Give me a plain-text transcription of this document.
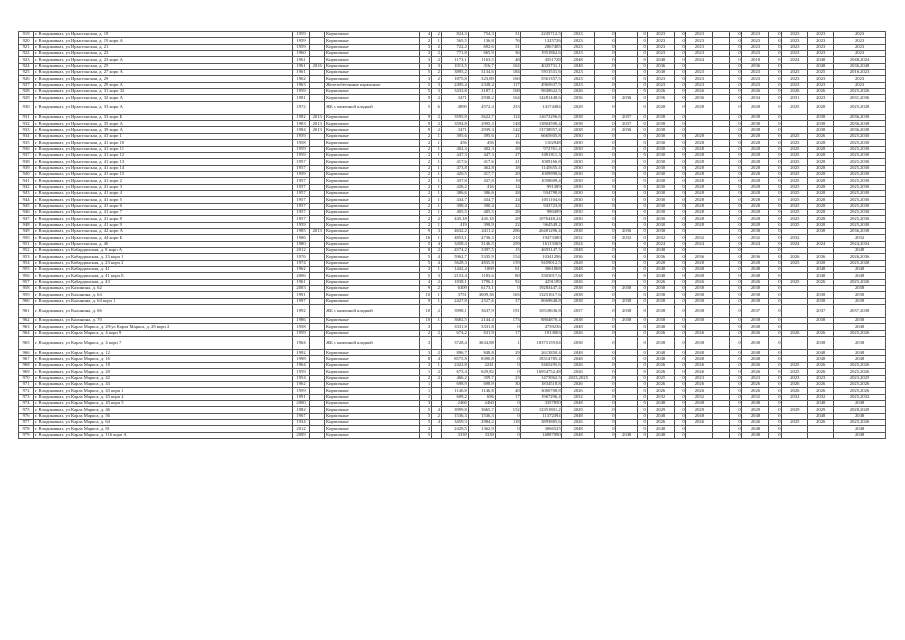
919	г. Владикавказ, ул Ирыстонская, д. 19	1959		Кирпичные	4	2	824,3	754,3	31	2235712,5	2023	0		0	2023	0	2023		0	2023	0	2023	2023	2023
920	г. Владикавказ, ул Ирыстонская, д. 19 корп А	1959		Кирпичные	2	1	565,5	136,8	76	1325726	2023	0		0	2023	0	2023		0	2023	0	2023	2023	2023
921	г. Владикавказ, ул Ирыстонская, д. 21	1959		Кирпичные	3	2	722,2	692,6	31	2067485	2023	0		0	2023	0	2023		0	2023	0	2023	2023	2023
922	г. Владикавказ, ул Ирыстонская, д. 23	1960		Кирпичные	3	2	771,8	665,9	36	1951862,6	2023	0		0	2023	0	2023		0	2023	0	2023	2023	2023
923	г. Владикавказ, ул Ирыстонская, д. 23 корп А	1961		Кирпичные	3	2	1173,1	1163,5	48	4551728	2048	0		0	2048	0	2024		0	2018	0	2024	2048	2048,2024
924	г. Владикавказ, ул Ирыстонская, д. 25	1961	2016	Кирпичные	3	3	1013,5	316,7	162	4025731,1	2048	0		0	2036	0			0	2036	0		2048	2036,2048
925	г. Владикавказ, ул Ирыстонская, д. 27 корп А	1961		Кирпичные	5	2	3895,2	3134,6	184	5911531,6	2023	0		0	2040	0	2023		0	2023	0	2023	2025	2016,2023
926	г. Владикавказ, ул Ирыстонская, д. 29	1962		Кирпичные	3	2	1875,8	323,89	160	5561357,5	2023	0		0	2023	0	2023		0	2023	0	2023	2023	2023
927	г. Владикавказ, ул Ирыстонская, д. 29 корп А	1963		Железобетонные каркасные	5	3	2495,4	2338,4	117	4965637,5	2023	0		0	2023	0	2023		0	2023	0	2023	2023	2023
928	г. Владикавказ, ул Ирыстонская, д. 31 корп 32	1959		Кирпичные	5	3	3433,8	3187,1	168	9849622,5	2026	0		0	2026	0	2026		0	2026	0	2026	2026	2025,2026
929	г. Владикавказ, ул Ирыстонская, д. 32 корп А	1981		Кирпичные	9	2	3471	2938,2	164	14281448,6	2036	0	2036	0	2036	0	2036		0	2034	0	2031	2023	2031,2036
930	г. Владикавказ, ул Ирыстонская, д. 33 корп А	1972		ЖБ с каменной кладкой	5	6	4890	4572,4	253	14174484	2028	0		0	2028	0	2028		0	2028	0	2025	2028	2025,2028
931	г. Владикавказ, ул Ирыстонская, д. 33 корп Б	1982	2013	Кирпичные	9	2	3595,8	3622,7	114	12673296,6	2038	0	2037	0	2038	0			0	2038	0		2038	2036,2038
932	г. Владикавказ, ул Ирыстонская, д. 35 корп А	1983	2013	Кирпичные	9	2	3594,8	2995,3	148	13804590,4	2038	0	2037	0	2038	0			0	2038	0		2038	2036,2038
933	г. Владикавказ, ул Ирыстонская, д. 39 корп А	1984	2013	Кирпичные	9	2	3471	2939,3	142	13738957,4	2038	0	2036	0	2038	0			0	2038	0		2038	2036,2038
934	г. Владикавказ, ул Ирыстонская, д. 41 корп 1	1959		Кирпичные	2	1	395,6	395,6	21	6665605,8	2030	0		0	2030	0	2028		0	2028	0	2025	2026	2025,2030
935	г. Владикавказ, ул Ирыстонская, д. 41 корп 10	1958		Кирпичные	2	1	456	456	16	1102948	2030	0		0	2030	0	2028		0	2028	0	2025	2028	2025,2030
936	г. Владикавказ, ул Ирыстонская, д. 41 корп 11	1959		Кирпичные	2	1	402,3	402,3	28	972761,4	2030	0		0	2030	0	2028		0	2028	0	2025	2028	2025,2030
937	г. Владикавказ, ул Ирыстонская, д. 41 корп 12	1959		Кирпичные	2	1	447,3	447,3	27	1081811,3	2030	0		0	2030	0	2028		0	2028	0	2025	2028	2025,2030
938	г. Владикавказ, ул Ирыстонская, д. 41 корп 13	1957		Кирпичные	2	1	417,6	417,6	21	1009166,8	2030	0		0	2030	0	2028		0	2028	0	2025	2028	2025,2030
939	г. Владикавказ, ул Ирыстонская, д. 41 корп 14	1957		Кирпичные	2	1	473,8	462,8	18	1145655,4	2030	0		0	2030	0	2028		0	2028	0	2025	2028	2025,2030
940	г. Владикавказ, ул Ирыстонская, д. 41 корп 15	1959		Кирпичные	2	1	420,5	417,7	29	1009998,6	2030	0		0	2030	0	2028		0	2028	0	2025	2028	2025,2030
941	г. Владикавказ, ул Ирыстонская, д. 41 корп 2	1957		Кирпичные	2	1	437,8	437,8	19	1058609,4	2030	0		0	2030	0	2028		0	2028	0	2025	2028	2025,2030
942	г. Владикавказ, ул Ирыстонская, д. 41 корп 3	1957		Кирпичные	2	1	426,2	416	14	991389	2030	0		0	2030	0	2028		0	2028	0	2025	2028	2025,2030
943	г. Владикавказ, ул Ирыстонская, д. 41 корп 4	1957		Кирпичные	2	1	386,6	386,6	28	934798,8	2030	0		0	2030	0	2028		0	2028	0	2025	2028	2025,2030
944	г. Владикавказ, ул Ирыстонская, д. 41 корп 5	1957		Кирпичные	2	1	434,7	434,7	24	1051104,6	2030	0		0	2030	0	2028		0	2028	0	2025	2028	2025,2030
945	г. Владикавказ, ул Ирыстонская, д. 41 корп 6	1957		Кирпичные	2	1	390,4	390,4	22	943723,8	2030	0		0	2030	0	2028		0	2028	0	2025	2028	2025,2030
946	г. Владикавказ, ул Ирыстонская, д. 41 корп 7	1957		Кирпичные	2	1	405,5	405,5	28	980499	2030	0		0	2030	0	2028		0	2028	0	2025	2028	2025,2030
947	г. Владикавказ, ул Ирыстонская, д. 41 корп 8	1957		Кирпичные	2	2	445,18	445,18	28	1076448,24	2030	0		0	2030	0	2028		0	2028	0	2025	2028	2025,2030
948	г. Владикавказ, ул Ирыстонская, д. 41 корп 9	1959		Кирпичные	2	1	419	398,9	22	964549,2	2030	0		0	2030	0	2028		0	2028	0	2025	2028	2025,2030
949	г. Владикавказ, ул Ирыстонская, д. 42 корп А	1985	2013	Кирпичные	9	3	4632,2	4411,2	206	20481296,4	2038	0	2036	0	2038	0			0	2038	0		2038	2036,2038
950	г. Владикавказ, ул Ирыстонская, д. 44 корп Б	1986		Кирпичные	16	1	4853,1	4736,3	213	19473380	2032	0	2032	0	2032	0	2032		0	2032	0	2032		2032
951	г. Владикавказ, ул Ирыстонская, д. 46	1980		Кирпичные	5	4	3458,4	3146,5	259	16113365	2024	0		0	2024	0	2024		0	2024	0	2024	2024	2024,2034
952	г. Владикавказ, ул Кабардинская, д. 8 корп А	2012		Кирпичные	8	2	4574,2	3397,5	15	4693147,5	2048	0		0	2048	0			0		0			2048
953	г. Владикавказ, ул Кабардинская, д. 23 корп 1	1976		Кирпичные	5	4	5962,7	5335,9	154	10341296	2036	0		0	2036	0	2036		0	2036	0	2026	2036	2026,2036
954	г. Владикавказ, ул Кабардинская, д. 23 корп 2	1974		Кирпичные	5	4	5628,3	4835,8	159	9459012,5	2028	0		0	2028	0	2028		0	2028	0	2025	2028	2025,2028
955	г. Владикавказ, ул Кабардинская, д. 41	1962		Кирпичные	3	1	1442,4	1069	61	3061868	2048	0		0	2048	0	2048		0	2048	0		2048	2048
956	г. Владикавказ, ул Кабардинская, д. 41 корп Б	2006		Кирпичные	5	3	2153,4	1183,6	80	3303017,6	2048	0		0	2048	0	2048		0	2048	0		2048	2048
957	г. Владикавказ, ул Кабардинская, д. 43	1961		Кирпичные	4	2	1838,1	1796,1	92	4291189	2026	0		0	2026	0	2026		0	2026	0	2025	2026	2025,2026
958	г. Владикавказ, ул Калинина, д. 62	2003		Кирпичные	9	2	6309	6173,1	0	19283447,4	2038	0	2038	0	2038	0	2038		0	2038	0			2038
959	г. Владикавказ, ул Калинина, д. 64	1991		Кирпичные	10	1	3751	3609,36	165	13251617,6	2038	0		0	2038	0	2038		0	2038	0		2038	2038
960	г. Владикавказ, ул Калинина, д. 64 корп 1	1997		Кирпичные	9	1	2427,8	2527,6	37	8669848,8	2038	0	2038	0	2038	0	2038		0	2038	0		2038	2038
961	г. Владикавказ, ул Калинина, д. 66	1992		ЖБ с каменной кладкой	10	2	3998,1	3637,9	191	10518636,8	2037	0	2038	0	2038	0	2038		0	2037	0		2037	2037,2038
962	г. Владикавказ, ул Калинина, д. 70	1986		Кирпичные	10	1	3682,5	2144,4	173	8804870,4	2038	0	2038	0	2038	0	2038		0	2038	0		2038	2038
963	г. Владикавказ, ул Карла Маркса, д. 29/ул Карла Маркса, д. 29 корп 2	1958		Кирпичные	3		3331,8	3331,8	0	4739236	2048	0		0	2048	0			0	2048	0			2048
964	г. Владикавказ, ул Карла Маркса, д. 4 корп 9	1959		Кирпичные	2	2	674,2	631,9	17	1913063	2026	0		0	2026	0	2026		0	2026	0	2026	2026	2025,2026
965	г. Владикавказ, ул Карла Маркса, д. 4 корп 7	1964		ЖБ с каменной кладкой	3		3728,4	3634,88	1	18375159,04	2038	0		0	2038	0	2038		0	2038	0		2038	2038
966	г. Владикавказ, ул Карла Маркса, д. 12	1992		Кирпичные	3	2	896,7	848,8	29	2613850,4	2048	0		0	2048	0	2048		0	2048	0		2048	2048
967	г. Владикавказ, ул Карла Маркса, д. 16	1998		Кирпичные	8	4	8575,8	8390,8	0	18314785,4	2048	0		0	2048	0	2048		0	2048	0		2048	2048
968	г. Владикавказ, ул Карла Маркса, д. 18	1964		Кирпичные	3	1	2422,8	2241	0	5465295,6	2026	0		0	2026	0	2026		0	2026	0	2025	2026	2025,2026
969	г. Владикавказ, ул Карла Маркса, д. 20	1959		Кирпичные	1	2	673,4	629,82	0	16954752,48	2026	0		0	2026	0	2026		0	2026	0	2025	2026	2025,2026
970	г. Владикавказ, ул Карла Маркса, д. 42	1954		Кирпичные	2	2	466,2	359,7	23	1473962,5	2023,2025	0		0	2025	0	2023		0	2023	0	2023	2023	2023,2025
971	г. Владикавказ, ул Карла Маркса, д. 43	1962		Кирпичные	1		698,9	698,9	30	1834518,8	2026	0		0	2026	0	2026		0	2026	0	2026	2026	2025,2026
972	г. Владикавказ, ул Карла Маркса, д. 43 корп 1	1959		Кирпичные	1		1146,8	1146,8	48	3060708,8	2026	0		0	2026	0	2026		0	2026	0	2026	2026	2025,2026
973	г. Владикавказ, ул Карла Маркса, д. 43 корп 4	1991		Кирпичные	1		609,2	696	17	1967296,4	2032	0		0	2032	0	2032		0	2032	0	2032	2032	2025,2032
974	г. Владикавказ, ул Карла Маркса, д. 43 корп 5	2000		Кирпичные	3		2460	2460	0	3357850	2048	0		0	2048	0	2048		0	2048	0		2048	2048
975	г. Владикавказ, ул Карла Маркса, д. 46	1982		Кирпичные	5	4	3999,8	3665,7	152	12351801,2	2029	0		0	2029	0	2029		0	2029	0	2029	2029	2028,2029
976	г. Владикавказ, ул Карла Маркса, д. 56	1967		Кирпичные	5	2	1536,3	1536,3	0	11372394	2048	0		0	2048	0	2048		0	2048	0		2048	2048
977	г. Владикавказ, ул Карла Маркса, д. 64	1934		Кирпичные	5	4	3459,3	2984,2	118	3893885,6	2026	0		0	2026	0	2026		0	2026	0	2025	2026	2025,2026
978	г. Владикавказ, ул Карла Маркса, д. 81	2012		Кирпичные	3		2429,5	1362,9	0	3066525	2048	0		0	2048	0			0	2048	0			2048
979	г. Владикавказ, ул Карла Маркса, д. 116 корп А	2009		Кирпичные	5		3339	3339	0	16887090	2048	0	2048	0	2048	0			0	2048	0			2048
